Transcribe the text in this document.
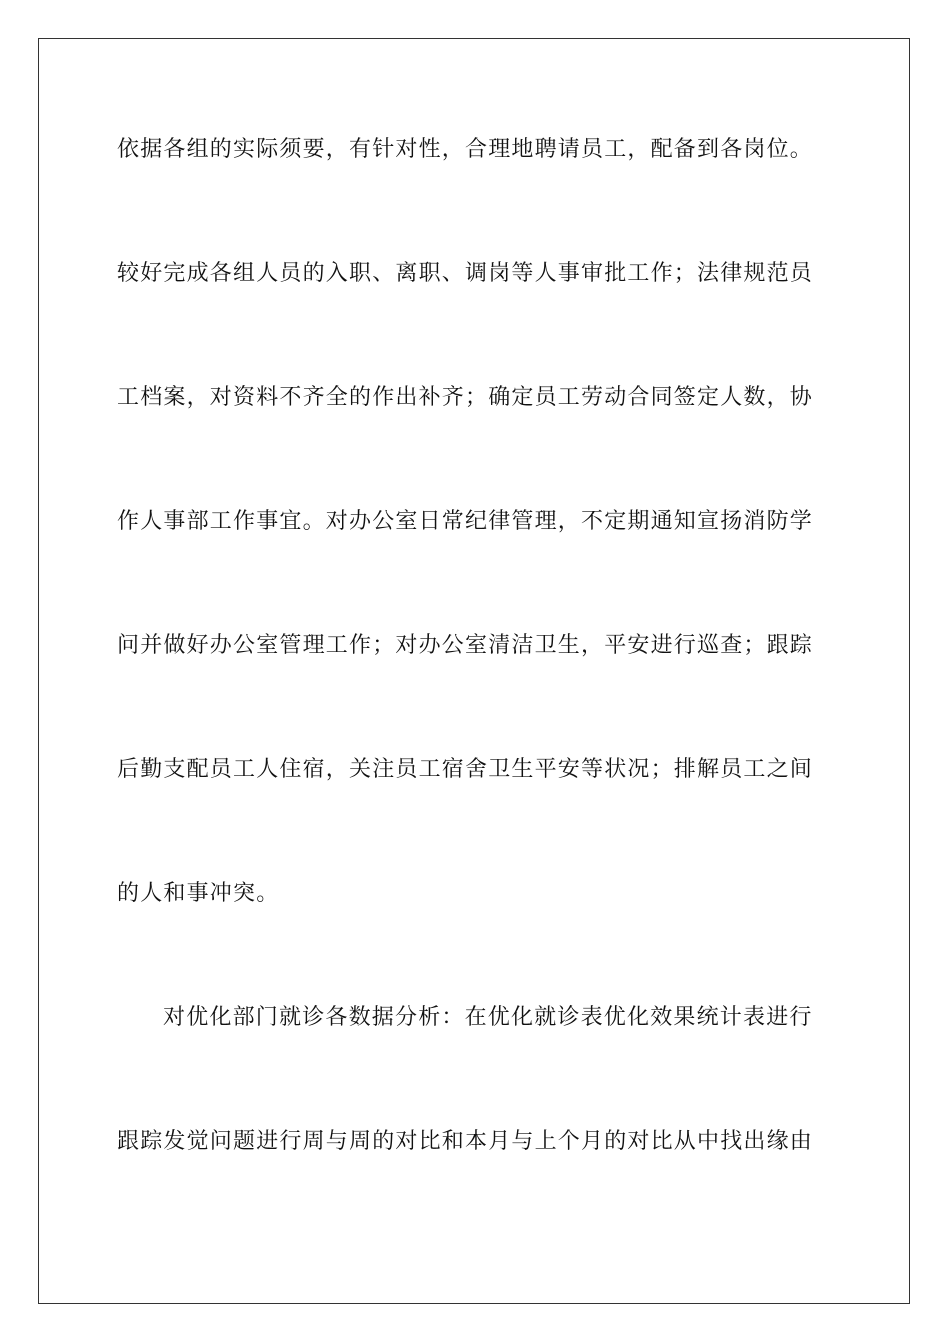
依据各组的实际须要，有针对性，合理地聘请员工，配备到各岗位。
较好完成各组人员的入职、离职、调岗等人事审批工作；法律规范员
工档案，对资料不齐全的作出补齐；确定员工劳动合同签定人数，协
作人事部工作事宜。对办公室日常纪律管理，不定期通知宣扬消防学
问并做好办公室管理工作；对办公室清洁卫生，平安进行巡查；跟踪
后勤支配员工人住宿，关注员工宿舍卫生平安等状况；排解员工之间
的人和事冲突。
对优化部门就诊各数据分析：在优化就诊表优化效果统计表进行
跟踪发觉问题进行周与周的对比和本月与上个月的对比从中找出缘由
